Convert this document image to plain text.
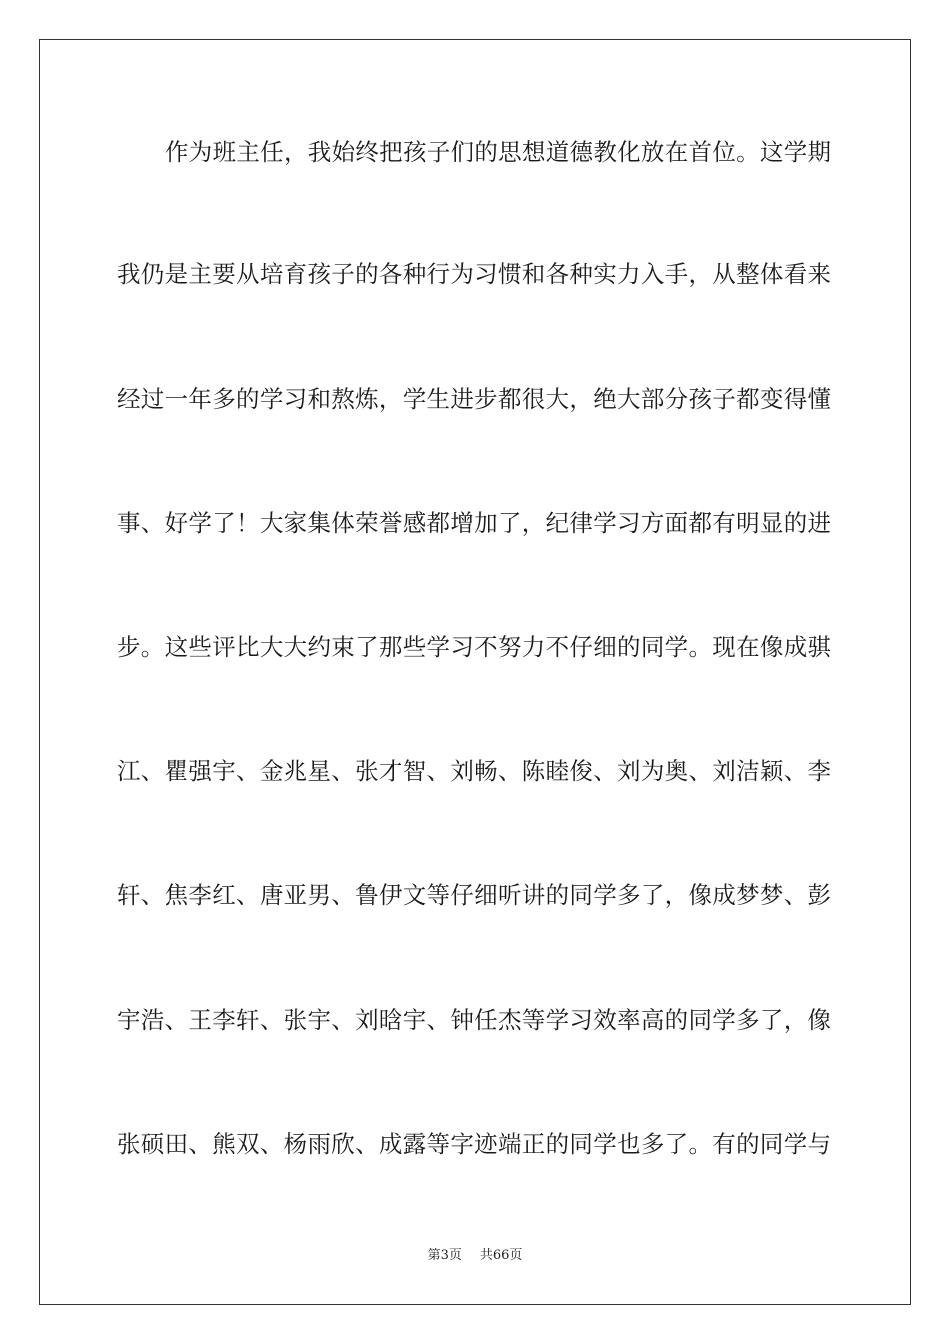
作为班主任，我始终把孩子们的思想道德教化放在首位。这学期
我仍是主要从培育孩子的各种行为习惯和各种实力入手，从整体看来
经过一年多的学习和熬炼，学生进步都很大，绝大部分孩子都变得懂
事、好学了！大家集体荣誉感都增加了，纪律学习方面都有明显的进
步。这些评比大大约束了那些学习不努力不仔细的同学。现在像成骐
江、瞿强宇、金兆星、张才智、刘畅、陈睦俊、刘为奥、刘洁颖、李
轩、焦李红、唐亚男、鲁伊文等仔细听讲的同学多了，像成梦梦、彭
宇浩、王李轩、张宇、刘晗宇、钟任杰等学习效率高的同学多了，像
张硕田、熊双、杨雨欣、成露等字迹端正的同学也多了。有的同学与
第3页 共66页
